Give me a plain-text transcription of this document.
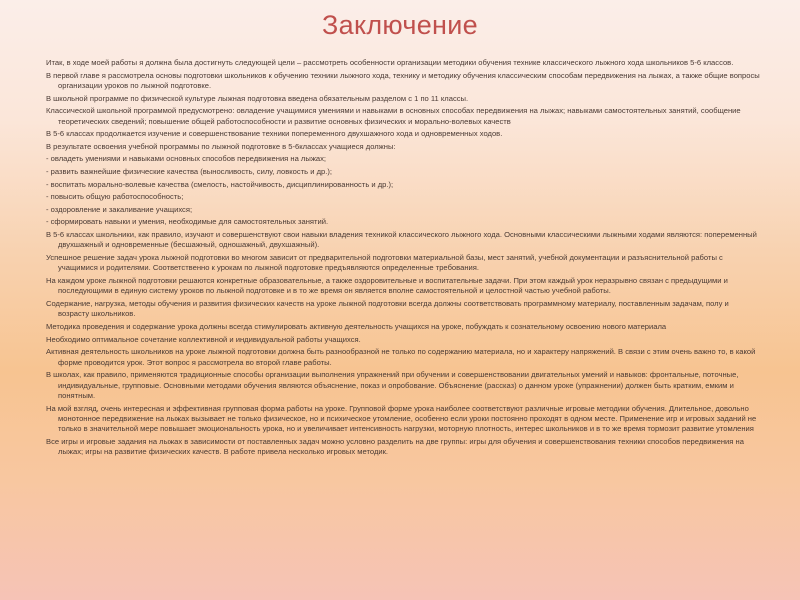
Заключение

Итак, в ходе моей работы я должна была достигнуть следующей цели – рассмотреть особенности организации методики обучения технике классического лыжного хода школьников 5-6 классов.

В первой главе я рассмотрела основы подготовки школьников к обучению техники лыжного хода, технику и методику обучения классическим способам передвижения на лыжах, а также общие вопросы организации уроков по лыжной подготовке.

В школьной программе по физической культуре лыжная подготовка введена обязательным разделом с 1 по 11 классы.

Классической школьной программой предусмотрено: овладение учащимися умениями и навыками в основных способах передвижения на лыжах; навыками самостоятельных занятий, сообщение теоретических сведений; повышение общей работоспособности и развитие основных физических и морально-волевых качеств

В 5-6 классах продолжается изучение и совершенствование техники попеременного двухшажного хода и одновременных ходов.

В результате освоения учебной программы по лыжной подготовке в 5-6классах учащиеся должны:

- овладеть умениями и навыками основных способов передвижения на лыжах;

- развить важнейшие физические качества (выносливость, силу, ловкость и др.);

- воспитать морально-волевые качества (смелость, настойчивость, дисциплинированность и др.);

- повысить общую работоспособность;

- оздоровление и закаливание учащихся;

- сформировать навыки и умения, необходимые для самостоятельных занятий.

В 5-6 классах школьники, как правило, изучают и совершенствуют свои навыки владения техникой классического лыжного хода. Основными классическими лыжными ходами являются: попеременный двухшажный и одновременные (бесшажный, одношажный, двухшажный).

Успешное решение задач урока лыжной подготовки во многом зависит от предварительной подготовки материальной базы, мест занятий, учебной документации и разъяснительной работы с учащимися и родителями. Соответственно к урокам по лыжной подготовке предъявляются определенные требования.

На каждом уроке лыжной подготовки решаются конкретные образовательные, а также оздоровительные и воспитательные задачи. При этом каждый урок неразрывно связан с предыдущими и последующими в единую систему уроков по лыжной подготовке и в то же время он является вполне самостоятельной и целостной частью учебной работы.

Содержание, нагрузка, методы обучения и развития физических качеств на уроке лыжной подготовки всегда должны соответствовать программному материалу, поставленным задачам, полу и возрасту школьников.

Методика проведения и содержание урока должны всегда стимулировать активную деятельность учащихся на уроке, побуждать к сознательному освоению нового материала

Необходимо оптимальное сочетание коллективной и индивидуальной работы учащихся.

Активная деятельность школьников на уроке лыжной подготовки должна быть разнообразной не только по содержанию материала, но и характеру напряжений. В связи с этим очень важно то, в какой форме проводится урок. Этот вопрос я рассмотрела во второй главе работы.

В школах, как правило, применяются традиционные способы организации выполнения упражнений при обучении и совершенствовании двигательных умений и навыков: фронтальные, поточные, индивидуальные, групповые. Основными методами обучения являются объяснение, показ и опробование. Объяснение (рассказ) о данном уроке (упражнении) должен быть кратким, емким и понятным.

На мой взгляд, очень интересная и эффективная групповая форма работы на уроке. Групповой форме урока наиболее соответствуют различные игровые методики обучения. Длительное, довольно монотонное передвижение на лыжах вызывает не только физическое, но и психическое утомление, особенно если уроки постоянно проходят в одном месте. Применение игр и игровых заданий не только в значительной мере повышает эмоциональность урока, но и увеличивает интенсивность нагрузки, моторную плотность, интерес школьников и в то же время тормозит развитие утомления

Все игры и игровые задания на лыжах в зависимости от поставленных задач можно условно разделить на две группы: игры для обучения и совершенствования техники способов передвижения на лыжах; игры на развитие физических качеств. В работе привела несколько игровых методик.
